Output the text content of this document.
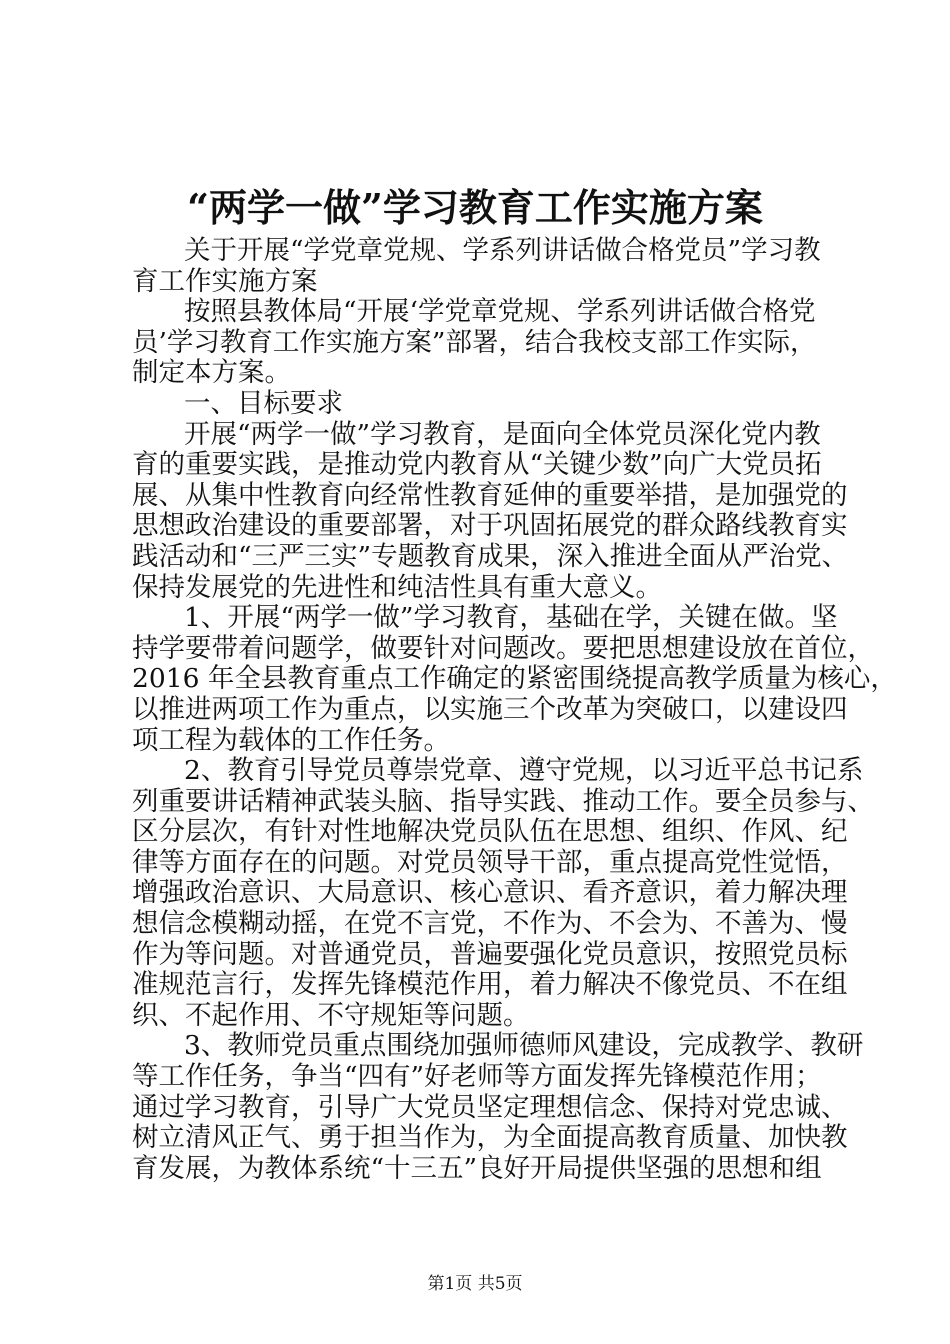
“两学一做”学习教育工作实施方案
关于开展“学党章党规、学系列讲话做合格党员”学习教
育工作实施方案
按照县教体局“开展‘学党章党规、学系列讲话做合格党
员’学习教育工作实施方案”部署，结合我校支部工作实际，
制定本方案。
一、目标要求
开展“两学一做”学习教育，是面向全体党员深化党内教
育的重要实践，是推动党内教育从“关键少数”向广大党员拓
展、从集中性教育向经常性教育延伸的重要举措，是加强党的
思想政治建设的重要部署，对于巩固拓展党的群众路线教育实
践活动和“三严三实”专题教育成果，深入推进全面从严治党、
保持发展党的先进性和纯洁性具有重大意义。
1、开展“两学一做”学习教育，基础在学，关键在做。坚
持学要带着问题学，做要针对问题改。要把思想建设放在首位，
2016 年全县教育重点工作确定的紧密围绕提高教学质量为核心，
以推进两项工作为重点，以实施三个改革为突破口，以建设四
项工程为载体的工作任务。
2、教育引导党员尊崇党章、遵守党规，以习近平总书记系
列重要讲话精神武装头脑、指导实践、推动工作。要全员参与、
区分层次，有针对性地解决党员队伍在思想、组织、作风、纪
律等方面存在的问题。对党员领导干部，重点提高党性觉悟，
增强政治意识、大局意识、核心意识、看齐意识，着力解决理
想信念模糊动摇，在党不言党，不作为、不会为、不善为、慢
作为等问题。对普通党员，普遍要强化党员意识，按照党员标
准规范言行，发挥先锋模范作用，着力解决不像党员、不在组
织、不起作用、不守规矩等问题。
3、教师党员重点围绕加强师德师风建设，完成教学、教研
等工作任务，争当“四有”好老师等方面发挥先锋模范作用；
通过学习教育，引导广大党员坚定理想信念、保持对党忠诚、
树立清风正气、勇于担当作为，为全面提高教育质量、加快教
育发展，为教体系统“十三五”良好开局提供坚强的思想和组
第1页 共5页
